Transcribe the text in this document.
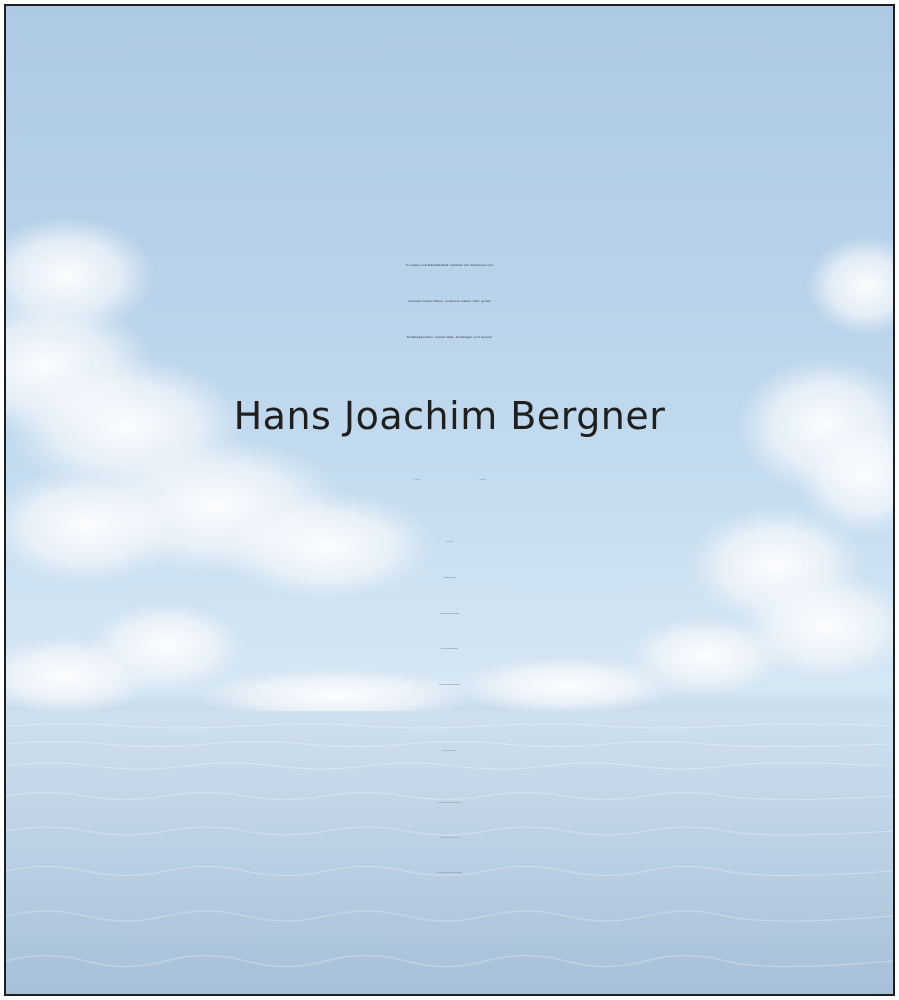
In Liebe und Dankbarkeit nehmen wir Abschied von
meinem lieben Mann, unserem lieben Vati, guten
Schwiegervater, lieben Opa, Schwager und Cousin
Hans Joachim Bergner
* 16.09.1948	† 21.08.2024
In stiller Trauer:
Deine Ehefrau Petra
Deine Tochter Katrin mit Familie
Dein Sohn Thomas mit Familie
sowie alle Angehörigen und Freunde
Wallendorf, im August 2024
Die Trauerfeier zur Urnenbeisetzung findet am
Freitag, dem 20.09.2024, 13:00 Uhr
auf dem Neuen Friedhof in Bad Dürrenberg statt.
